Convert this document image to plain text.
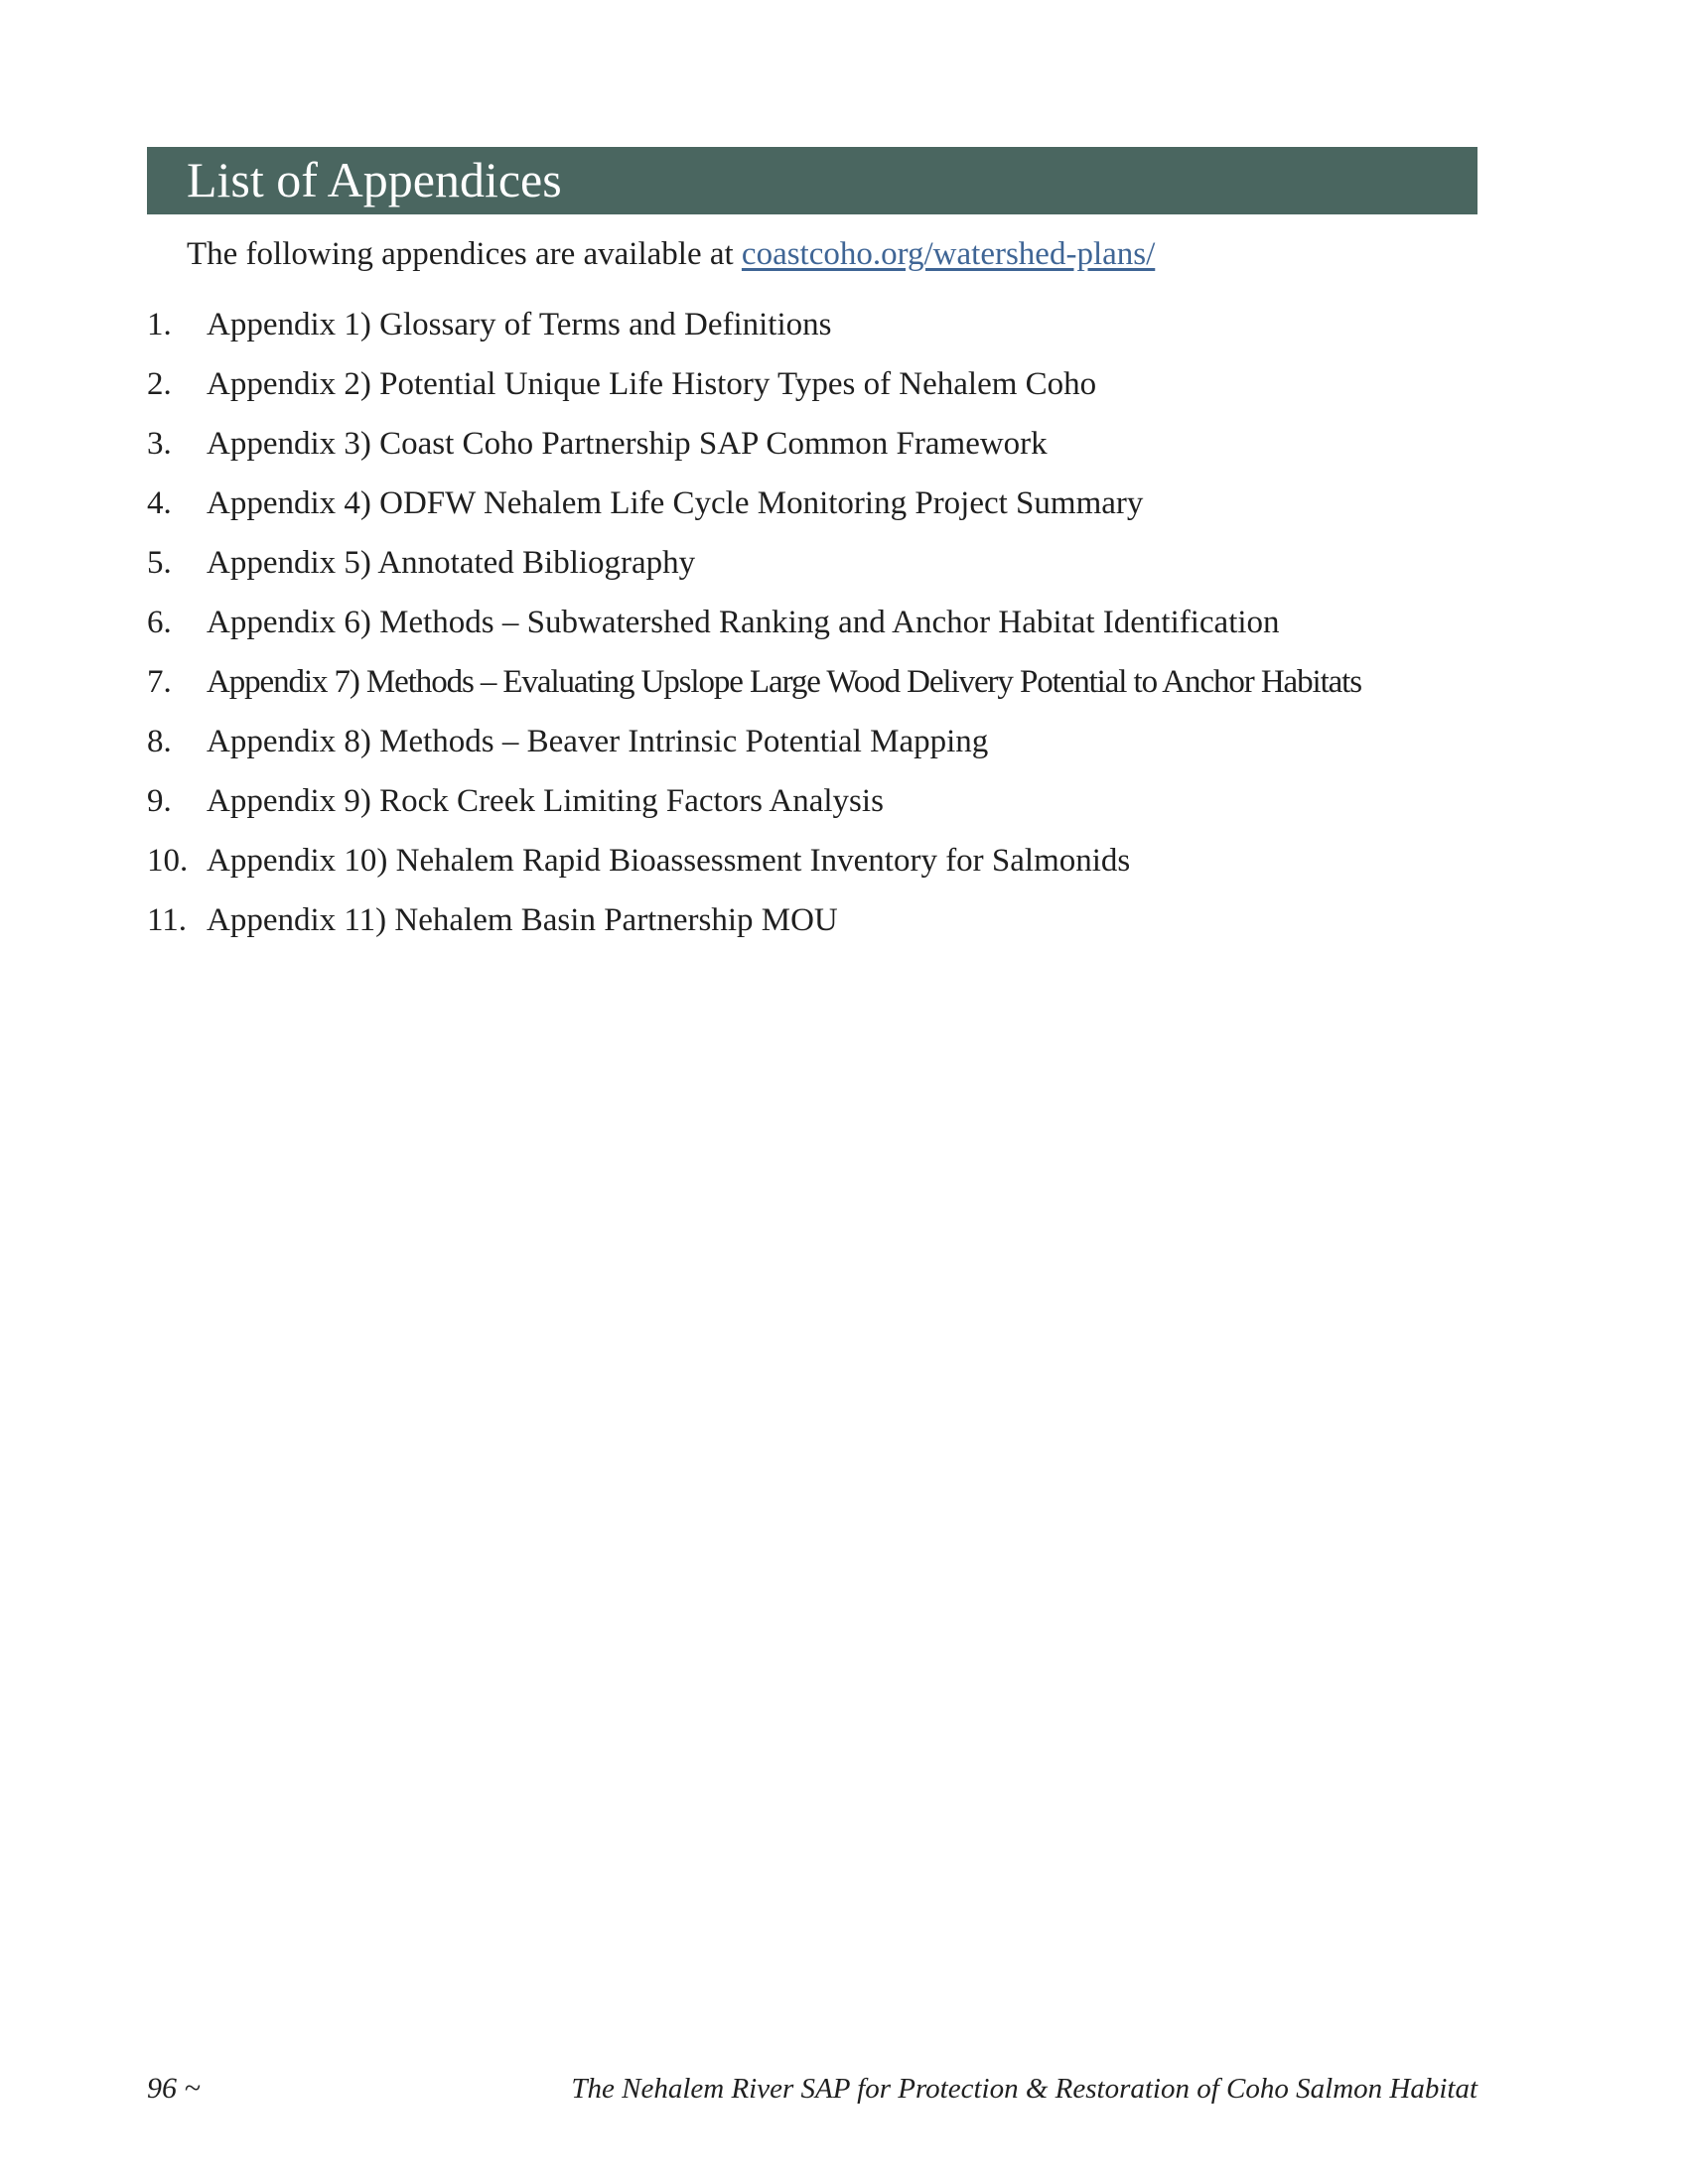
List of Appendices
The following appendices are available at coastcoho.org/watershed-plans/
1. Appendix 1) Glossary of Terms and Definitions
2. Appendix 2) Potential Unique Life History Types of Nehalem Coho
3. Appendix 3) Coast Coho Partnership SAP Common Framework
4. Appendix 4) ODFW Nehalem Life Cycle Monitoring Project Summary
5. Appendix 5) Annotated Bibliography
6. Appendix 6) Methods – Subwatershed Ranking and Anchor Habitat Identification
7. Appendix 7) Methods – Evaluating Upslope Large Wood Delivery Potential to Anchor Habitats
8. Appendix 8) Methods – Beaver Intrinsic Potential Mapping
9. Appendix 9) Rock Creek Limiting Factors Analysis
10. Appendix 10) Nehalem Rapid Bioassessment Inventory for Salmonids
11. Appendix 11) Nehalem Basin Partnership MOU
96 ~	The Nehalem River SAP for Protection & Restoration of Coho Salmon Habitat
